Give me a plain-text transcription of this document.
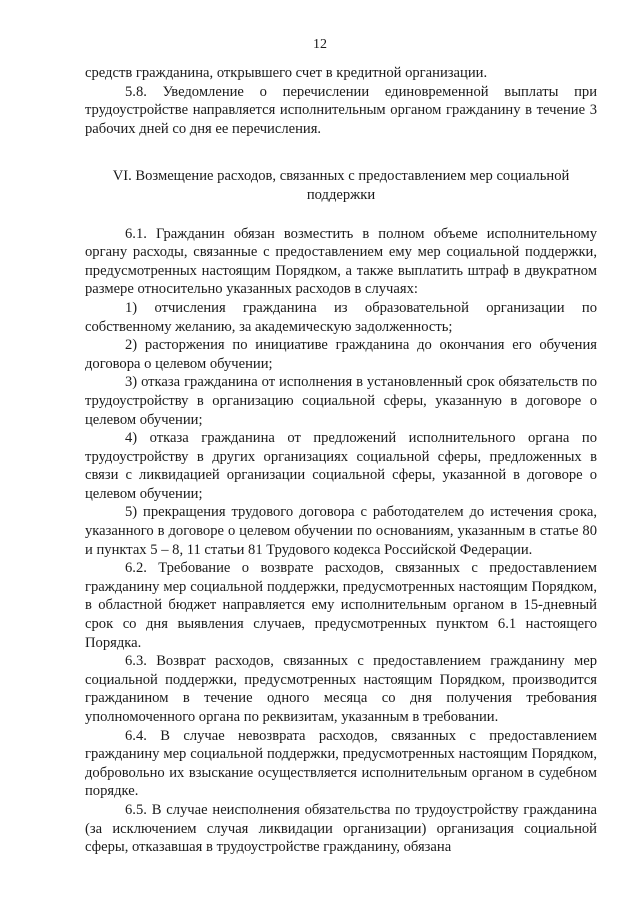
12

средств гражданина, открывшего счет в кредитной организации.

5.8. Уведомление о перечислении единовременной выплаты при трудоустройстве направляется исполнительным органом гражданину в течение 3 рабочих дней со дня ее перечисления.

VI. Возмещение расходов, связанных с предоставлением мер социальной поддержки

6.1. Гражданин обязан возместить в полном объеме исполнительному органу расходы, связанные с предоставлением ему мер социальной поддержки, предусмотренных настоящим Порядком, а также выплатить штраф в двукратном размере относительно указанных расходов в случаях:

1) отчисления гражданина из образовательной организации по собственному желанию, за академическую задолженность;

2) расторжения по инициативе гражданина до окончания его обучения договора о целевом обучении;

3) отказа гражданина от исполнения в установленный срок обязательств по трудоустройству в организацию социальной сферы, указанную в договоре о целевом обучении;

4) отказа гражданина от предложений исполнительного органа по трудоустройству в других организациях социальной сферы, предложенных в связи с ликвидацией организации социальной сферы, указанной в договоре о целевом обучении;

5) прекращения трудового договора с работодателем до истечения срока, указанного в договоре о целевом обучении по основаниям, указанным в статье 80 и пунктах 5 – 8, 11 статьи 81 Трудового кодекса Российской Федерации.

6.2. Требование о возврате расходов, связанных с предоставлением гражданину мер социальной поддержки, предусмотренных настоящим Порядком, в областной бюджет направляется ему исполнительным органом в 15-дневный срок со дня выявления случаев, предусмотренных пунктом 6.1 настоящего Порядка.

6.3. Возврат расходов, связанных с предоставлением гражданину мер социальной поддержки, предусмотренных настоящим Порядком, производится гражданином в течение одного месяца со дня получения требования уполномоченного органа по реквизитам, указанным в требовании.

6.4. В случае невозврата расходов, связанных с предоставлением гражданину мер социальной поддержки, предусмотренных настоящим Порядком, добровольно их взыскание осуществляется исполнительным органом в судебном порядке.

6.5. В случае неисполнения обязательства по трудоустройству гражданина (за исключением случая ликвидации организации) организация социальной сферы, отказавшая в трудоустройстве гражданину, обязана
